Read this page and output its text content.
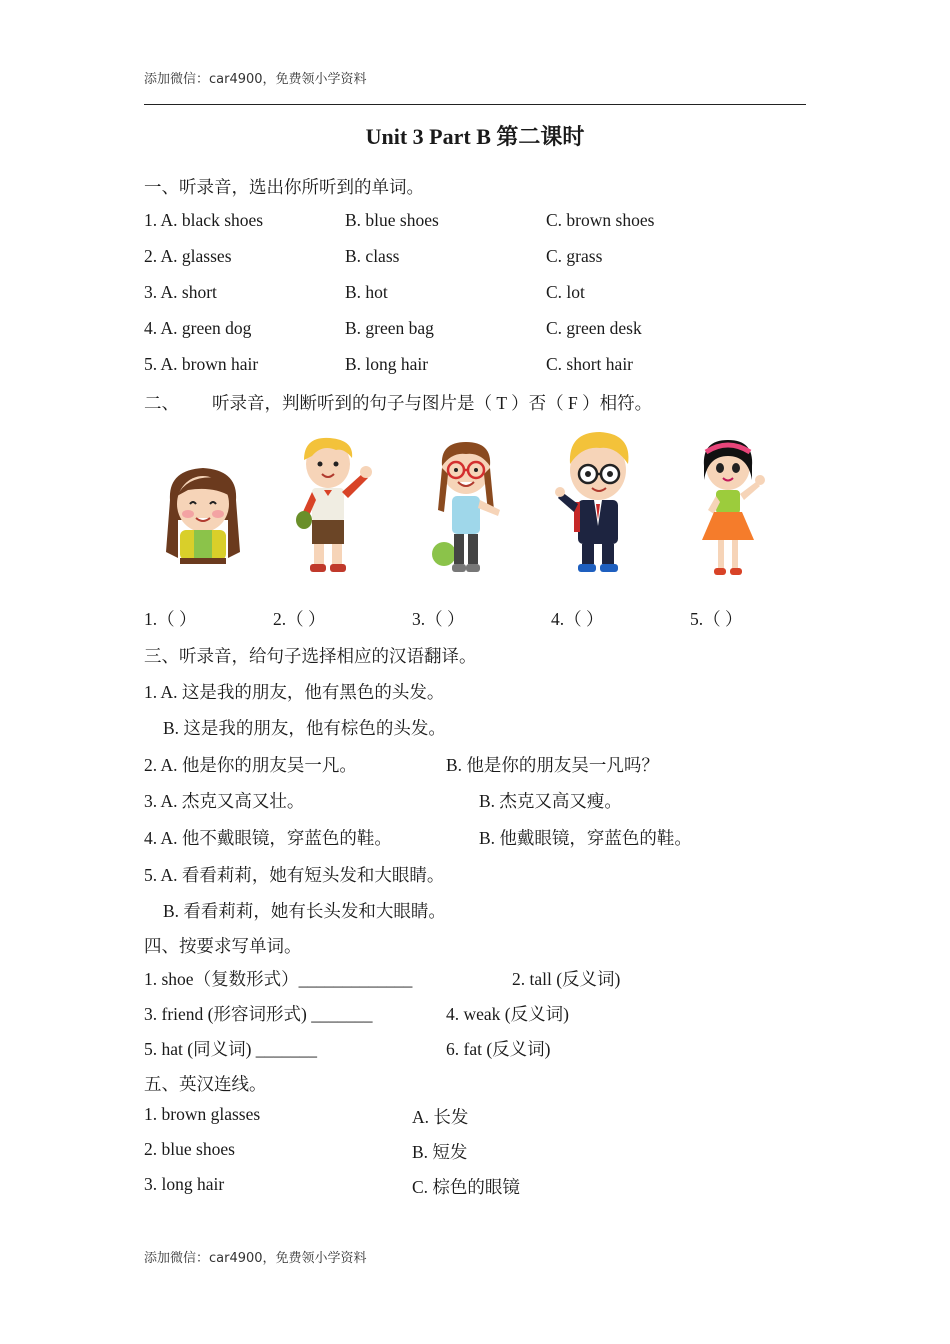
添加微信：car4900，免费领小学资料
Unit 3 Part B 第二课时
一、听录音，选出你所听到的单词。
1. A. black shoes	B. blue shoes	C. brown shoes
2. A. glasses	B. class	C. grass
3. A. short	B. hot	C. lot
4. A. green dog	B. green bag	C. green desk
5. A. brown hair	B. long hair	C. short hair
二、 听录音，判断听到的句子与图片是（ T ）否（ F ）相符。
1.（ ）	2.（ ）	3.（ ）	4.（ ）	5.（ ）
三、听录音，给句子选择相应的汉语翻译。
1. A. 这是我的朋友，他有黑色的头发。
B. 这是我的朋友，他有棕色的头发。
2. A. 他是你的朋友吴一凡。	B. 他是你的朋友吴一凡吗？
3. A. 杰克又高又壮。	B. 杰克又高又瘦。
4. A. 他不戴眼镜，穿蓝色的鞋。	B. 他戴眼镜，穿蓝色的鞋。
5. A. 看看莉莉，她有短头发和大眼睛。
B. 看看莉莉，她有长头发和大眼睛。
四、按要求写单词。
1. shoe（复数形式）_____________	2. tall (反义词)
3. friend (形容词形式) _______	4. weak (反义词)
5. hat (同义词) _______	6. fat (反义词)
五、英汉连线。
1. brown glasses	A. 长发
2. blue shoes	B. 短发
3. long hair	C. 棕色的眼镜
添加微信：car4900，免费领小学资料
